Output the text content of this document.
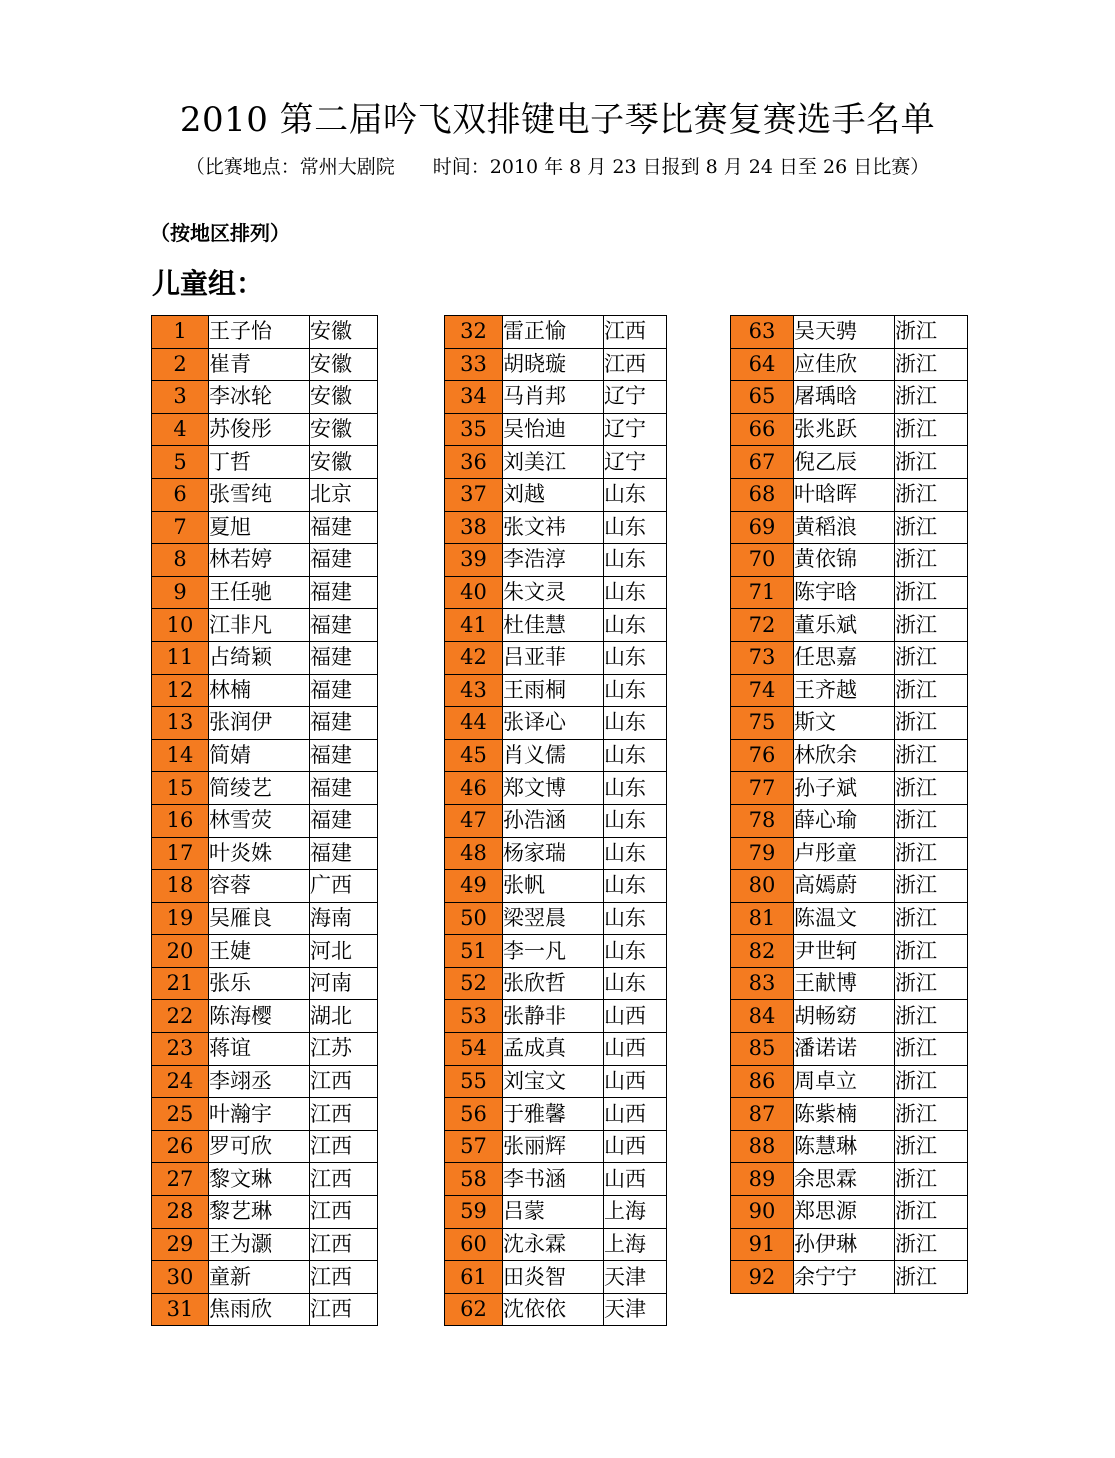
2010 第二届吟飞双排键电子琴比赛复赛选手名单
（比赛地点：常州大剧院　　时间：2010 年 8 月 23 日报到 8 月 24 日至 26 日比赛）
（按地区排列）
儿童组：
1	王子怡	安徽
2	崔青	安徽
3	李冰轮	安徽
4	苏俊彤	安徽
5	丁哲	安徽
6	张雪纯	北京
7	夏旭	福建
8	林若婷	福建
9	王任驰	福建
10	江非凡	福建
11	占绮颖	福建
12	林楠	福建
13	张润伊	福建
14	简婧	福建
15	简绫艺	福建
16	林雪荧	福建
17	叶炎姝	福建
18	容蓉	广西
19	吴雁良	海南
20	王婕	河北
21	张乐	河南
22	陈海樱	湖北
23	蒋谊	江苏
24	李翊丞	江西
25	叶瀚宇	江西
26	罗可欣	江西
27	黎文琳	江西
28	黎艺琳	江西
29	王为灏	江西
30	童新	江西
31	焦雨欣	江西
32	雷正愉	江西
33	胡晓璇	江西
34	马肖邦	辽宁
35	吴怡迪	辽宁
36	刘美江	辽宁
37	刘越	山东
38	张文祎	山东
39	李浩淳	山东
40	朱文灵	山东
41	杜佳慧	山东
42	吕亚菲	山东
43	王雨桐	山东
44	张译心	山东
45	肖义儒	山东
46	郑文博	山东
47	孙浩涵	山东
48	杨家瑞	山东
49	张帆	山东
50	梁翌晨	山东
51	李一凡	山东
52	张欣哲	山东
53	张静非	山西
54	孟成真	山西
55	刘宝文	山西
56	于雅馨	山西
57	张丽辉	山西
58	李书涵	山西
59	吕蒙	上海
60	沈永霖	上海
61	田炎智	天津
62	沈依依	天津
63	吴天骋	浙江
64	应佳欣	浙江
65	屠瑀晗	浙江
66	张兆跃	浙江
67	倪乙辰	浙江
68	叶晗晖	浙江
69	黄稻浪	浙江
70	黄依锦	浙江
71	陈宇晗	浙江
72	董乐斌	浙江
73	任思嘉	浙江
74	王齐越	浙江
75	斯文	浙江
76	林欣余	浙江
77	孙子斌	浙江
78	薛心瑜	浙江
79	卢彤童	浙江
80	高嫣蔚	浙江
81	陈温文	浙江
82	尹世轲	浙江
83	王献博	浙江
84	胡畅窈	浙江
85	潘诺诺	浙江
86	周卓立	浙江
87	陈紫楠	浙江
88	陈慧琳	浙江
89	余思霖	浙江
90	郑思源	浙江
91	孙伊琳	浙江
92	余宁宁	浙江
